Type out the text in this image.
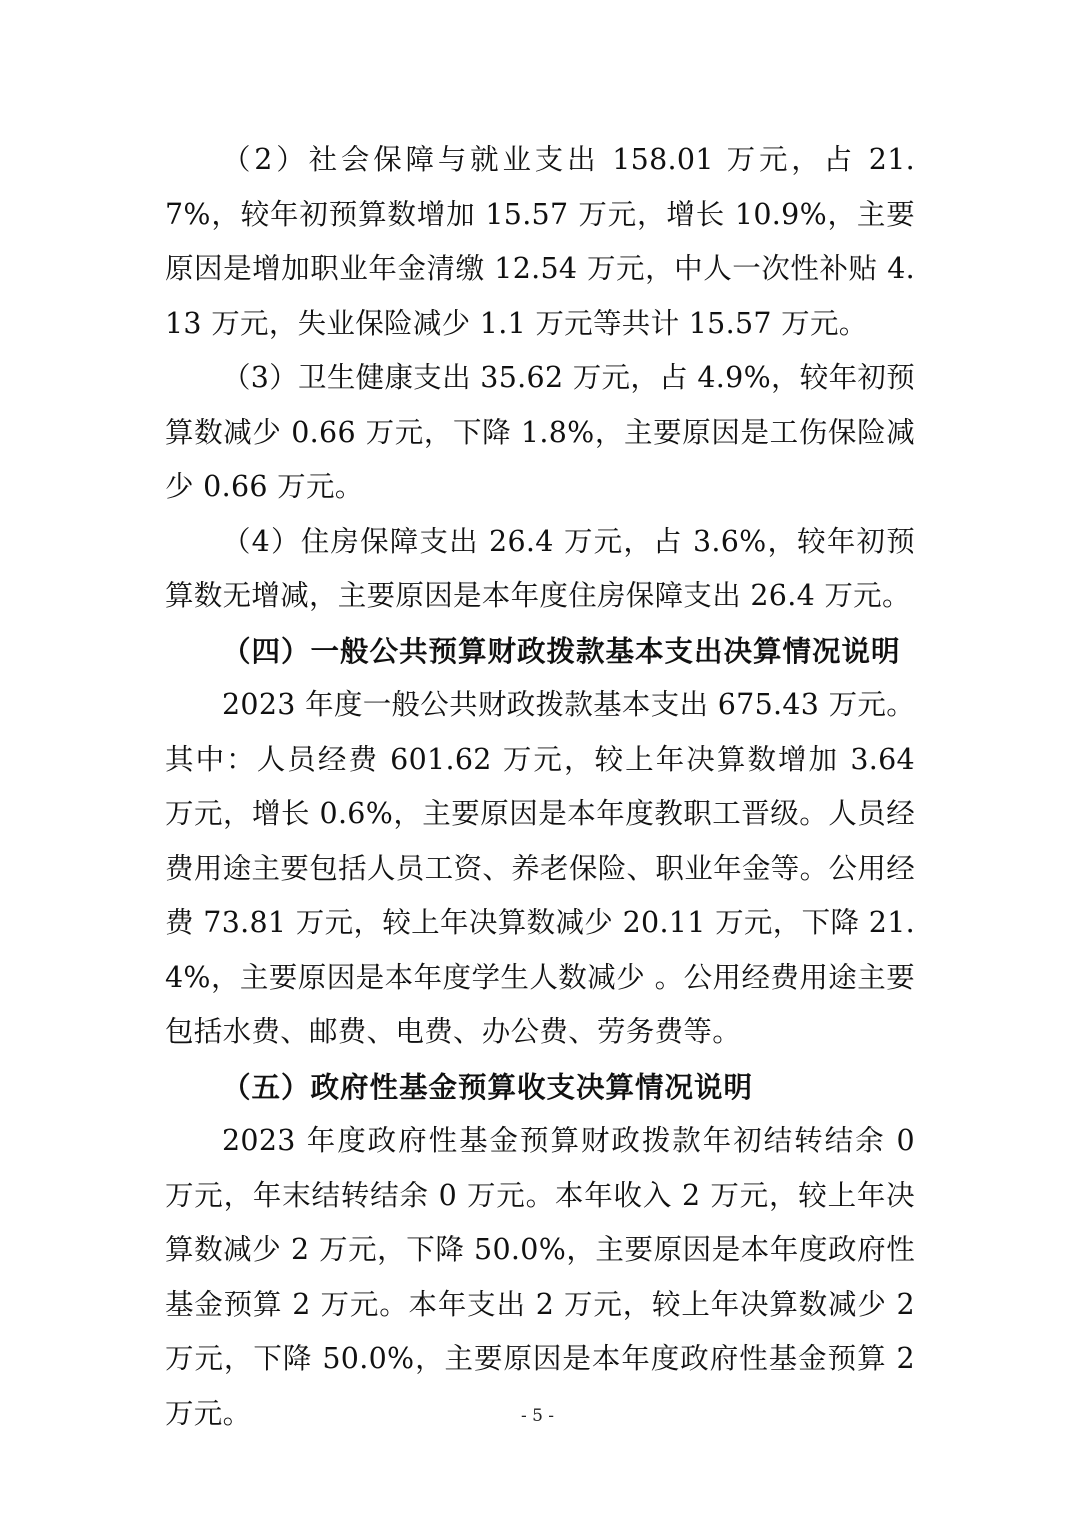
（2）社会保障与就业支出 158.01 万元，占 21.7%，较年初预算数增加 15.57 万元，增长 10.9%，主要原因是增加职业年金清缴 12.54 万元，中人一次性补贴 4.13 万元，失业保险减少 1.1 万元等共计 15.57 万元。

（3）卫生健康支出 35.62 万元，占 4.9%，较年初预算数减少 0.66 万元，下降 1.8%，主要原因是工伤保险减少 0.66 万元。

（4）住房保障支出 26.4 万元，占 3.6%，较年初预算数无增减，主要原因是本年度住房保障支出 26.4 万元。

（四）一般公共预算财政拨款基本支出决算情况说明

2023 年度一般公共财政拨款基本支出 675.43 万元。其中：人员经费 601.62 万元，较上年决算数增加 3.64 万元，增长 0.6%，主要原因是本年度教职工晋级。人员经费用途主要包括人员工资、养老保险、职业年金等。公用经费 73.81 万元，较上年决算数减少 20.11 万元，下降 21.4%，主要原因是本年度学生人数减少 。公用经费用途主要包括水费、邮费、电费、办公费、劳务费等。

（五）政府性基金预算收支决算情况说明

2023 年度政府性基金预算财政拨款年初结转结余 0 万元，年末结转结余 0 万元。本年收入 2 万元，较上年决算数减少 2 万元，下降 50.0%，主要原因是本年度政府性基金预算 2 万元。本年支出 2 万元，较上年决算数减少 2 万元，下降 50.0%，主要原因是本年度政府性基金预算 2 万元。	- 5 -
